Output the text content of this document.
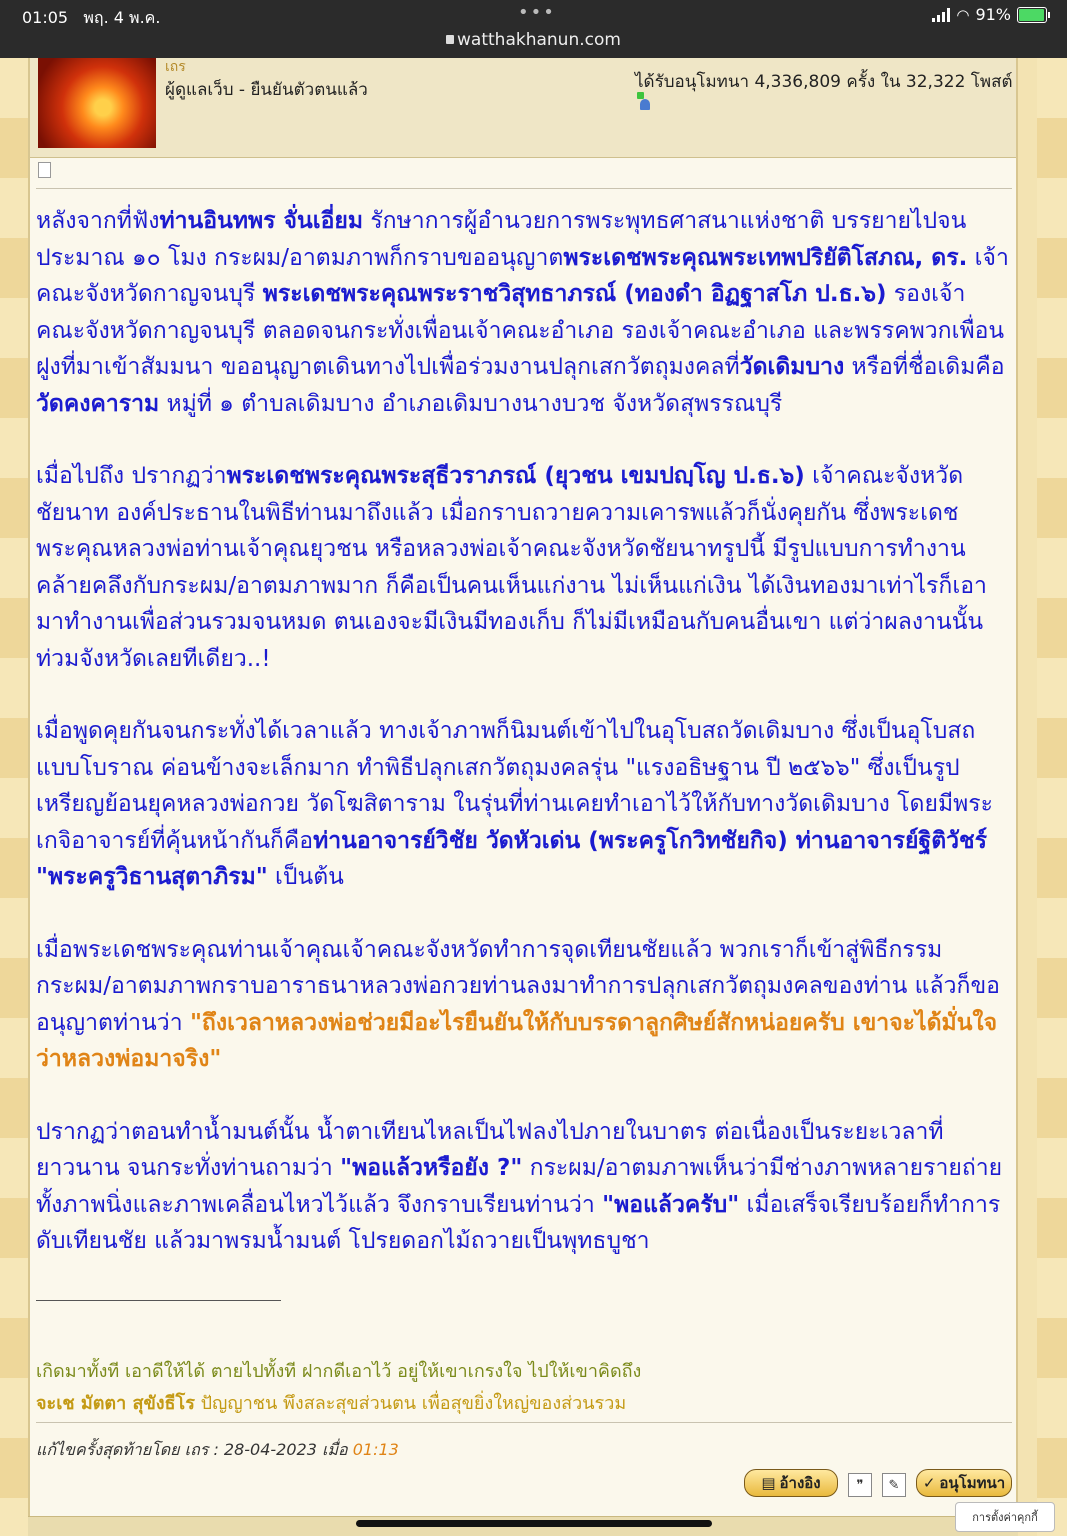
01:05 พฤ. 4 พ.ค.	•••
watthakhanun.com
◠ 91%
เถร
ผู้ดูแลเว็บ - ยืนยันตัวตนแล้ว	ได้รับอนุโมทนา 4,336,809 ครั้ง ใน 32,322 โพสต์

หลังจากที่ฟังท่านอินทพร จั่นเอี่ยม รักษาการผู้อำนวยการพระพุทธศาสนาแห่งชาติ บรรยายไปจนประมาณ ๑๐ โมง กระผม/อาตมภาพก็กราบขออนุญาตพระเดชพระคุณพระเทพปริยัติโสภณ, ดร. เจ้าคณะจังหวัดกาญจนบุรี พระเดชพระคุณพระราชวิสุทธาภรณ์ (ทองดำ อิฏฐาสโภ ป.ธ.๖) รองเจ้าคณะจังหวัดกาญจนบุรี ตลอดจนกระทั่งเพื่อนเจ้าคณะอำเภอ รองเจ้าคณะอำเภอ และพรรคพวกเพื่อนฝูงที่มาเข้าสัมมนา ขออนุญาตเดินทางไปเพื่อร่วมงานปลุกเสกวัตถุมงคลที่วัดเดิมบาง หรือที่ชื่อเดิมคือวัดคงคาราม หมู่ที่ ๑ ตำบลเดิมบาง อำเภอเดิมบางนางบวช จังหวัดสุพรรณบุรี

เมื่อไปถึง ปรากฏว่าพระเดชพระคุณพระสุธีวราภรณ์ (ยุวชน เขมปญฺโญ ป.ธ.๖) เจ้าคณะจังหวัดชัยนาท องค์ประธานในพิธีท่านมาถึงแล้ว เมื่อกราบถวายความเคารพแล้วก็นั่งคุยกัน ซึ่งพระเดชพระคุณหลวงพ่อท่านเจ้าคุณยุวชน หรือหลวงพ่อเจ้าคณะจังหวัดชัยนาทรูปนี้ มีรูปแบบการทำงานคล้ายคลึงกับกระผม/อาตมภาพมาก ก็คือเป็นคนเห็นแก่งาน ไม่เห็นแก่เงิน ได้เงินทองมาเท่าไรก็เอามาทำงานเพื่อส่วนรวมจนหมด ตนเองจะมีเงินมีทองเก็บ ก็ไม่มีเหมือนกับคนอื่นเขา แต่ว่าผลงานนั้นท่วมจังหวัดเลยทีเดียว..!

เมื่อพูดคุยกันจนกระทั่งได้เวลาแล้ว ทางเจ้าภาพก็นิมนต์เข้าไปในอุโบสถวัดเดิมบาง ซึ่งเป็นอุโบสถแบบโบราณ ค่อนข้างจะเล็กมาก ทำพิธีปลุกเสกวัตถุมงคลรุ่น "แรงอธิษฐาน ปี ๒๕๖๖" ซึ่งเป็นรูปเหรียญย้อนยุคหลวงพ่อกวย วัดโฆสิตาราม ในรุ่นที่ท่านเคยทำเอาไว้ให้กับทางวัดเดิมบาง โดยมีพระเกจิอาจารย์ที่คุ้นหน้ากันก็คือท่านอาจารย์วิชัย วัดหัวเด่น (พระครูโกวิทชัยกิจ) ท่านอาจารย์ฐิติวัชร์ "พระครูวิธานสุตาภิรม" เป็นต้น

เมื่อพระเดชพระคุณท่านเจ้าคุณเจ้าคณะจังหวัดทำการจุดเทียนชัยแล้ว พวกเราก็เข้าสู่พิธีกรรม กระผม/อาตมภาพกราบอาราธนาหลวงพ่อกวยท่านลงมาทำการปลุกเสกวัตถุมงคลของท่าน แล้วก็ขออนุญาตท่านว่า "ถึงเวลาหลวงพ่อช่วยมีอะไรยืนยันให้กับบรรดาลูกศิษย์สักหน่อยครับ เขาจะได้มั่นใจว่าหลวงพ่อมาจริง"

ปรากฏว่าตอนทำน้ำมนต์นั้น น้ำตาเทียนไหลเป็นไฟลงไปภายในบาตร ต่อเนื่องเป็นระยะเวลาที่ยาวนาน จนกระทั่งท่านถามว่า "พอแล้วหรือยัง ?" กระผม/อาตมภาพเห็นว่ามีช่างภาพหลายรายถ่ายทั้งภาพนิ่งและภาพเคลื่อนไหวไว้แล้ว จึงกราบเรียนท่านว่า "พอแล้วครับ" เมื่อเสร็จเรียบร้อยก็ทำการดับเทียนชัย แล้วมาพรมน้ำมนต์ โปรยดอกไม้ถวายเป็นพุทธบูชา

เกิดมาทั้งที เอาดีให้ได้ ตายไปทั้งที ฝากดีเอาไว้ อยู่ให้เขาเกรงใจ ไปให้เขาคิดถึง
จะเช มัตตา สุขังธีโร ปัญญาชน พึงสละสุขส่วนตน เพื่อสุขยิ่งใหญ่ของส่วนรวม
แก้ไขครั้งสุดท้ายโดย เถร : 28-04-2023 เมื่อ 01:13
▤ อ้างอิง	❞	✎	✓ อนุโมทนา
การตั้งค่าคุกกี้
